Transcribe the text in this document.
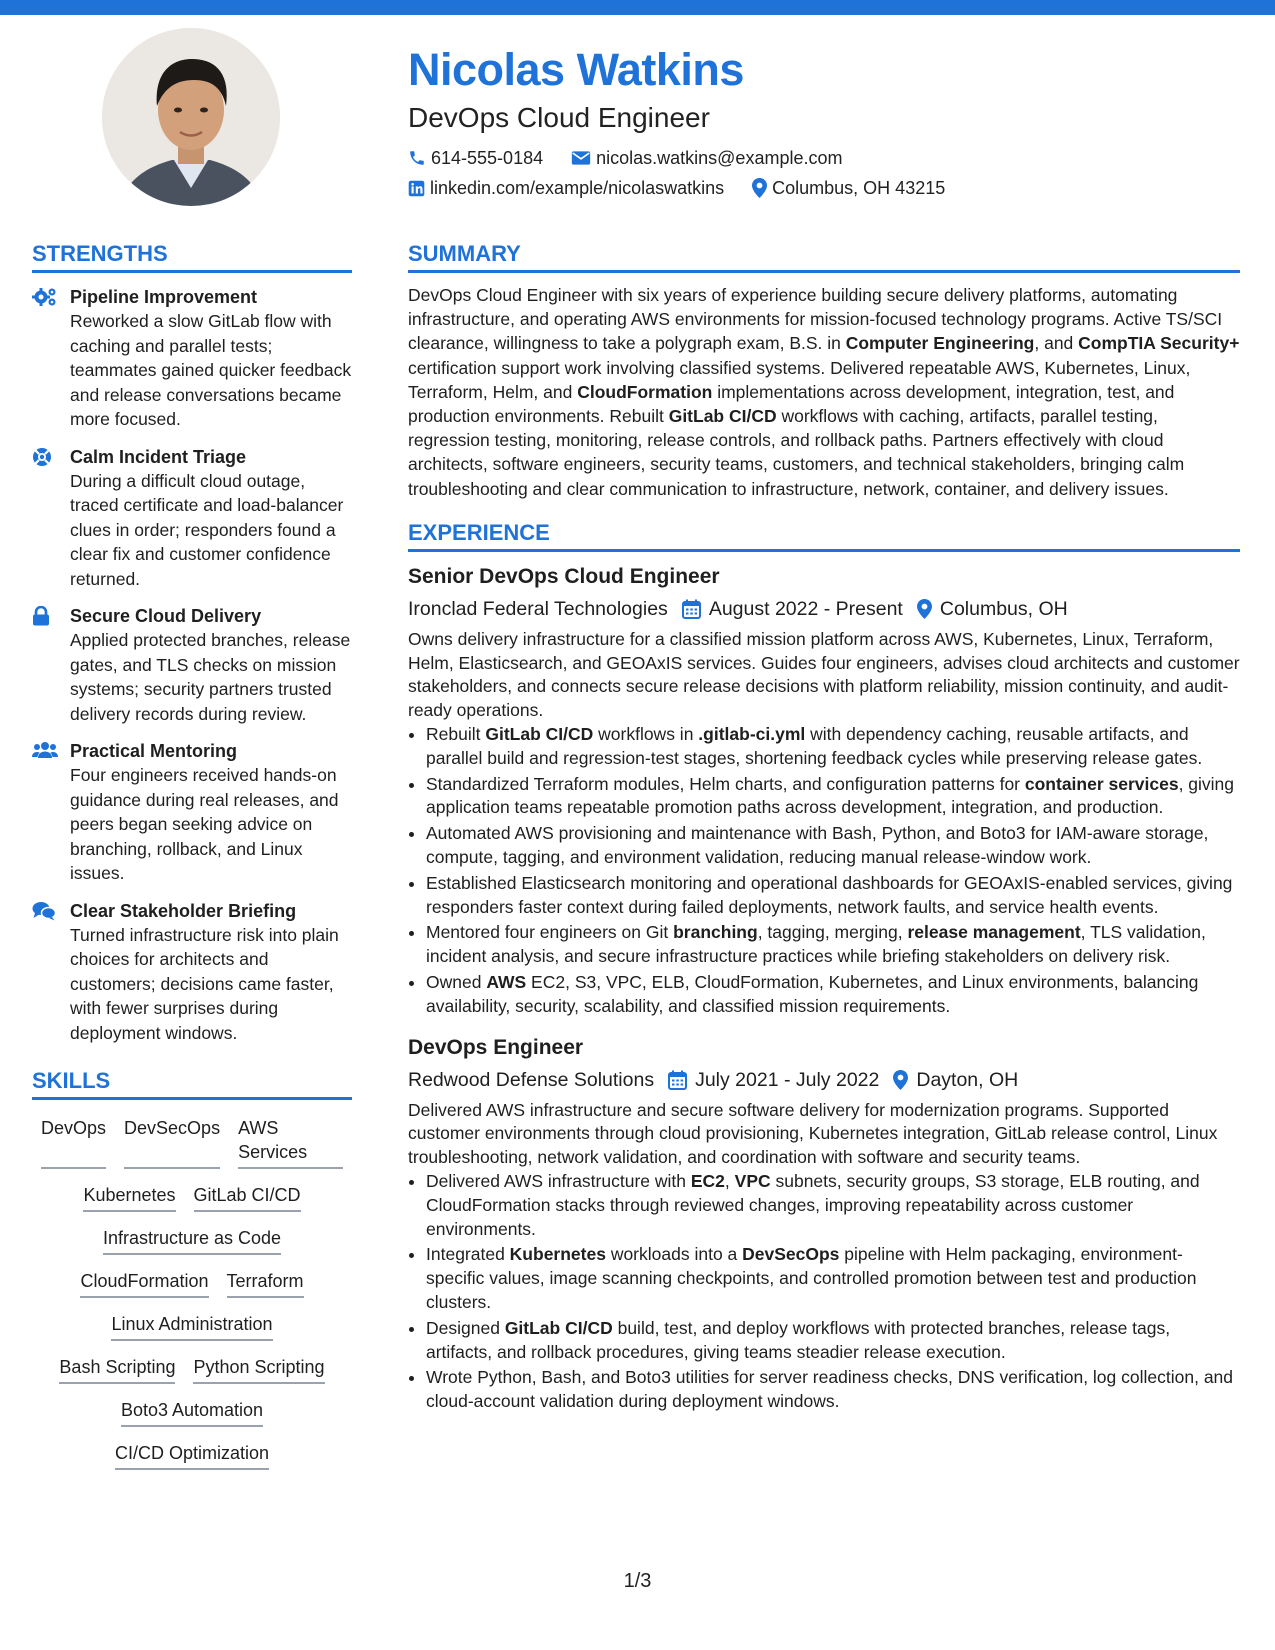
Nicolas Watkins
DevOps Cloud Engineer
614-555-0184	nicolas.watkins@example.com
linkedin.com/example/nicolaswatkins	Columbus, OH 43215
STRENGTHS
Pipeline Improvement
Reworked a slow GitLab flow with caching and parallel tests; teammates gained quicker feedback and release conversations became more focused.
Calm Incident Triage
During a difficult cloud outage, traced certificate and load-balancer clues in order; responders found a clear fix and customer confidence returned.
Secure Cloud Delivery
Applied protected branches, release gates, and TLS checks on mission systems; security partners trusted delivery records during review.
Practical Mentoring
Four engineers received hands-on guidance during real releases, and peers began seeking advice on branching, rollback, and Linux issues.
Clear Stakeholder Briefing
Turned infrastructure risk into plain choices for architects and customers; decisions came faster, with fewer surprises during deployment windows.
SKILLS
DevOps DevSecOps AWS Services
Kubernetes GitLab CI/CD
Infrastructure as Code
CloudFormation Terraform
Linux Administration
Bash Scripting Python Scripting
Boto3 Automation
CI/CD Optimization
SUMMARY
DevOps Cloud Engineer with six years of experience building secure delivery platforms, automating infrastructure, and operating AWS environments for mission-focused technology programs. Active TS/SCI clearance, willingness to take a polygraph exam, B.S. in Computer Engineering, and CompTIA Security+ certification support work involving classified systems. Delivered repeatable AWS, Kubernetes, Linux, Terraform, Helm, and CloudFormation implementations across development, integration, test, and production environments. Rebuilt GitLab CI/CD workflows with caching, artifacts, parallel testing, regression testing, monitoring, release controls, and rollback paths. Partners effectively with cloud architects, software engineers, security teams, customers, and technical stakeholders, bringing calm troubleshooting and clear communication to infrastructure, network, container, and delivery issues.
EXPERIENCE
Senior DevOps Cloud Engineer
Ironclad Federal Technologies August 2022 - Present Columbus, OH
Owns delivery infrastructure for a classified mission platform across AWS, Kubernetes, Linux, Terraform, Helm, Elasticsearch, and GEOAxIS services. Guides four engineers, advises cloud architects and customer stakeholders, and connects secure release decisions with platform reliability, mission continuity, and audit-ready operations.
• Rebuilt GitLab CI/CD workflows in .gitlab-ci.yml with dependency caching, reusable artifacts, and parallel build and regression-test stages, shortening feedback cycles while preserving release gates.
• Standardized Terraform modules, Helm charts, and configuration patterns for container services, giving application teams repeatable promotion paths across development, integration, and production.
• Automated AWS provisioning and maintenance with Bash, Python, and Boto3 for IAM-aware storage, compute, tagging, and environment validation, reducing manual release-window work.
• Established Elasticsearch monitoring and operational dashboards for GEOAxIS-enabled services, giving responders faster context during failed deployments, network faults, and service health events.
• Mentored four engineers on Git branching, tagging, merging, release management, TLS validation, incident analysis, and secure infrastructure practices while briefing stakeholders on delivery risk.
• Owned AWS EC2, S3, VPC, ELB, CloudFormation, Kubernetes, and Linux environments, balancing availability, security, scalability, and classified mission requirements.
DevOps Engineer
Redwood Defense Solutions July 2021 - July 2022 Dayton, OH
Delivered AWS infrastructure and secure software delivery for modernization programs. Supported customer environments through cloud provisioning, Kubernetes integration, GitLab release control, Linux troubleshooting, network validation, and coordination with software and security teams.
• Delivered AWS infrastructure with EC2, VPC subnets, security groups, S3 storage, ELB routing, and CloudFormation stacks through reviewed changes, improving repeatability across customer environments.
• Integrated Kubernetes workloads into a DevSecOps pipeline with Helm packaging, environment-specific values, image scanning checkpoints, and controlled promotion between test and production clusters.
• Designed GitLab CI/CD build, test, and deploy workflows with protected branches, release tags, artifacts, and rollback procedures, giving teams steadier release execution.
• Wrote Python, Bash, and Boto3 utilities for server readiness checks, DNS verification, log collection, and cloud-account validation during deployment windows.
1/3
